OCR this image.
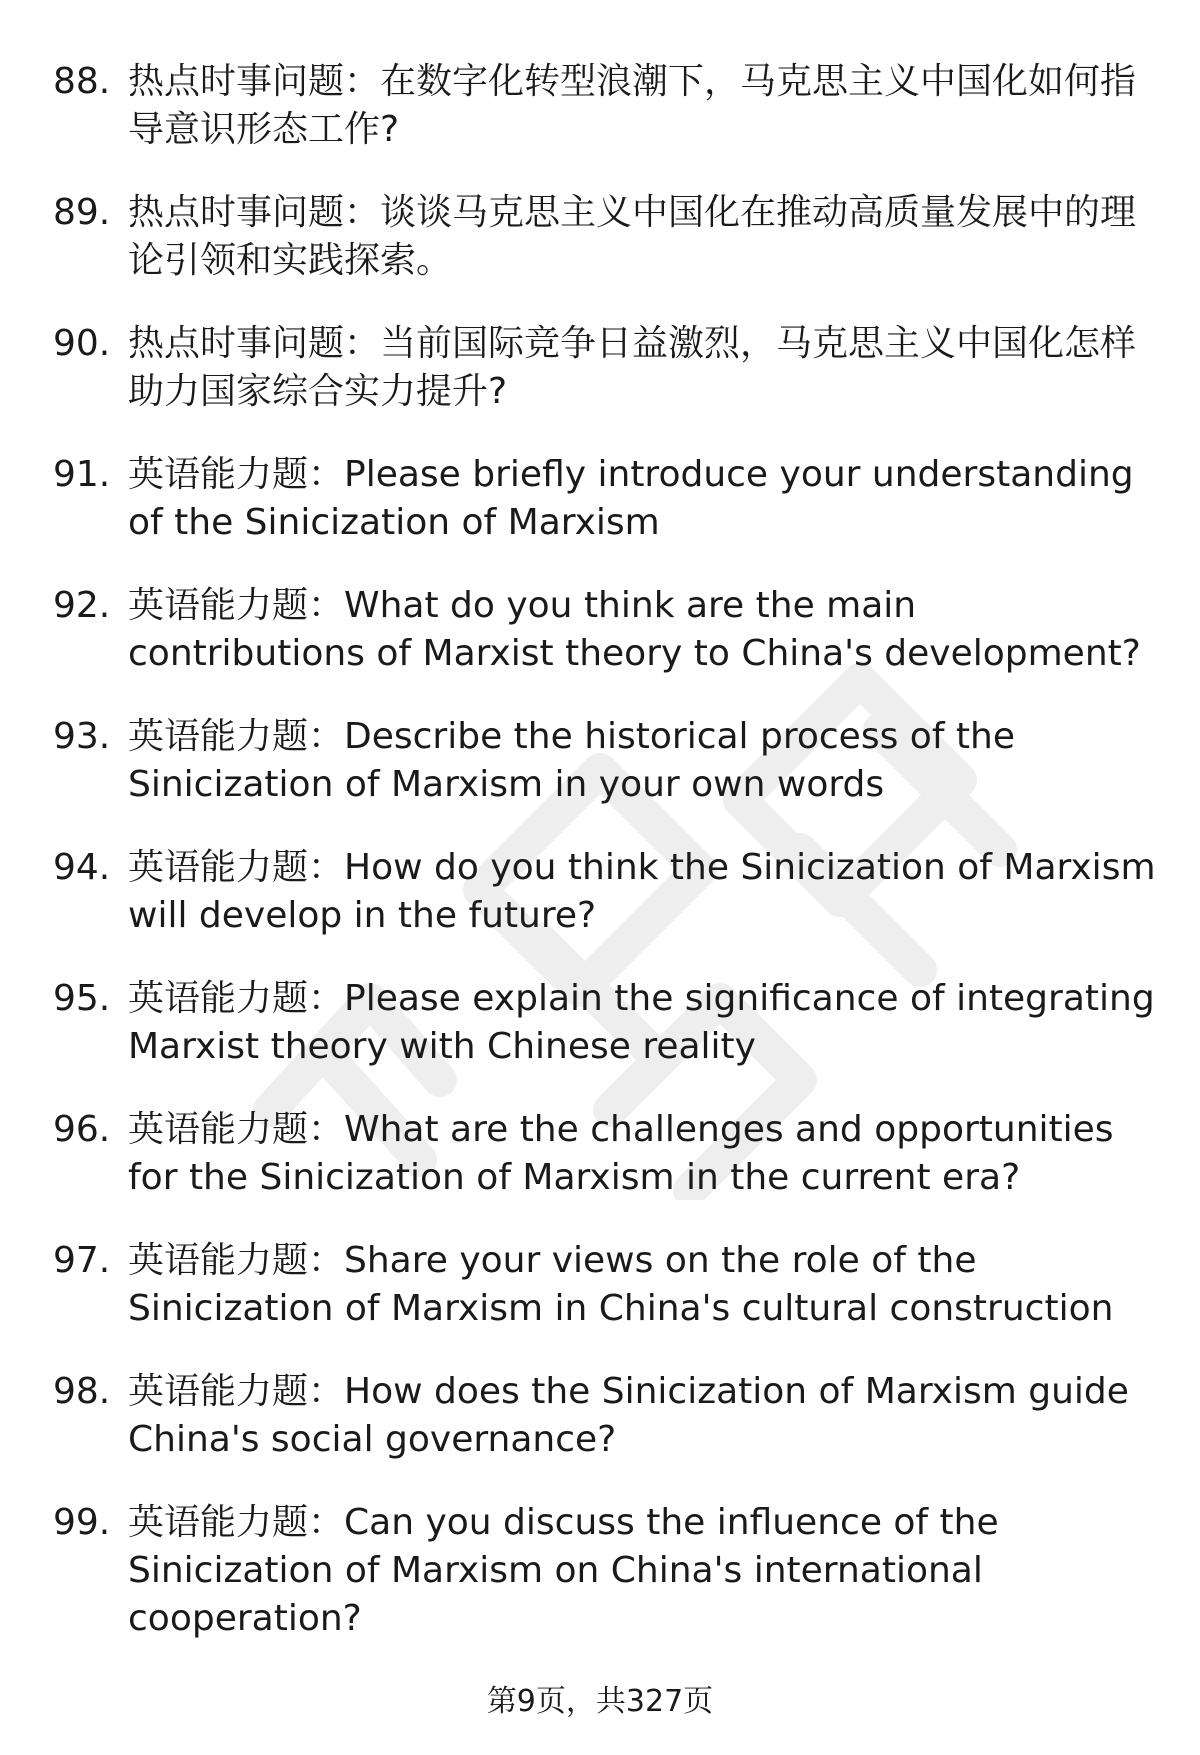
88. 热点时事问题：在数字化转型浪潮下，马克思主义中国化如何指导意识形态工作?
89. 热点时事问题：谈谈马克思主义中国化在推动高质量发展中的理论引领和实践探索。
90. 热点时事问题：当前国际竞争日益激烈，马克思主义中国化怎样助力国家综合实力提升?
91. 英语能力题：Please briefly introduce your understanding of the Sinicization of Marxism
92. 英语能力题：What do you think are the main contributions of Marxist theory to China's development?
93. 英语能力题：Describe the historical process of the Sinicization of Marxism in your own words
94. 英语能力题：How do you think the Sinicization of Marxism will develop in the future?
95. 英语能力题：Please explain the significance of integrating Marxist theory with Chinese reality
96. 英语能力题：What are the challenges and opportunities for the Sinicization of Marxism in the current era?
97. 英语能力题：Share your views on the role of the Sinicization of Marxism in China's cultural construction
98. 英语能力题：How does the Sinicization of Marxism guide China's social governance?
99. 英语能力题：Can you discuss the influence of the Sinicization of Marxism on China's international cooperation?
第9页，共327页
